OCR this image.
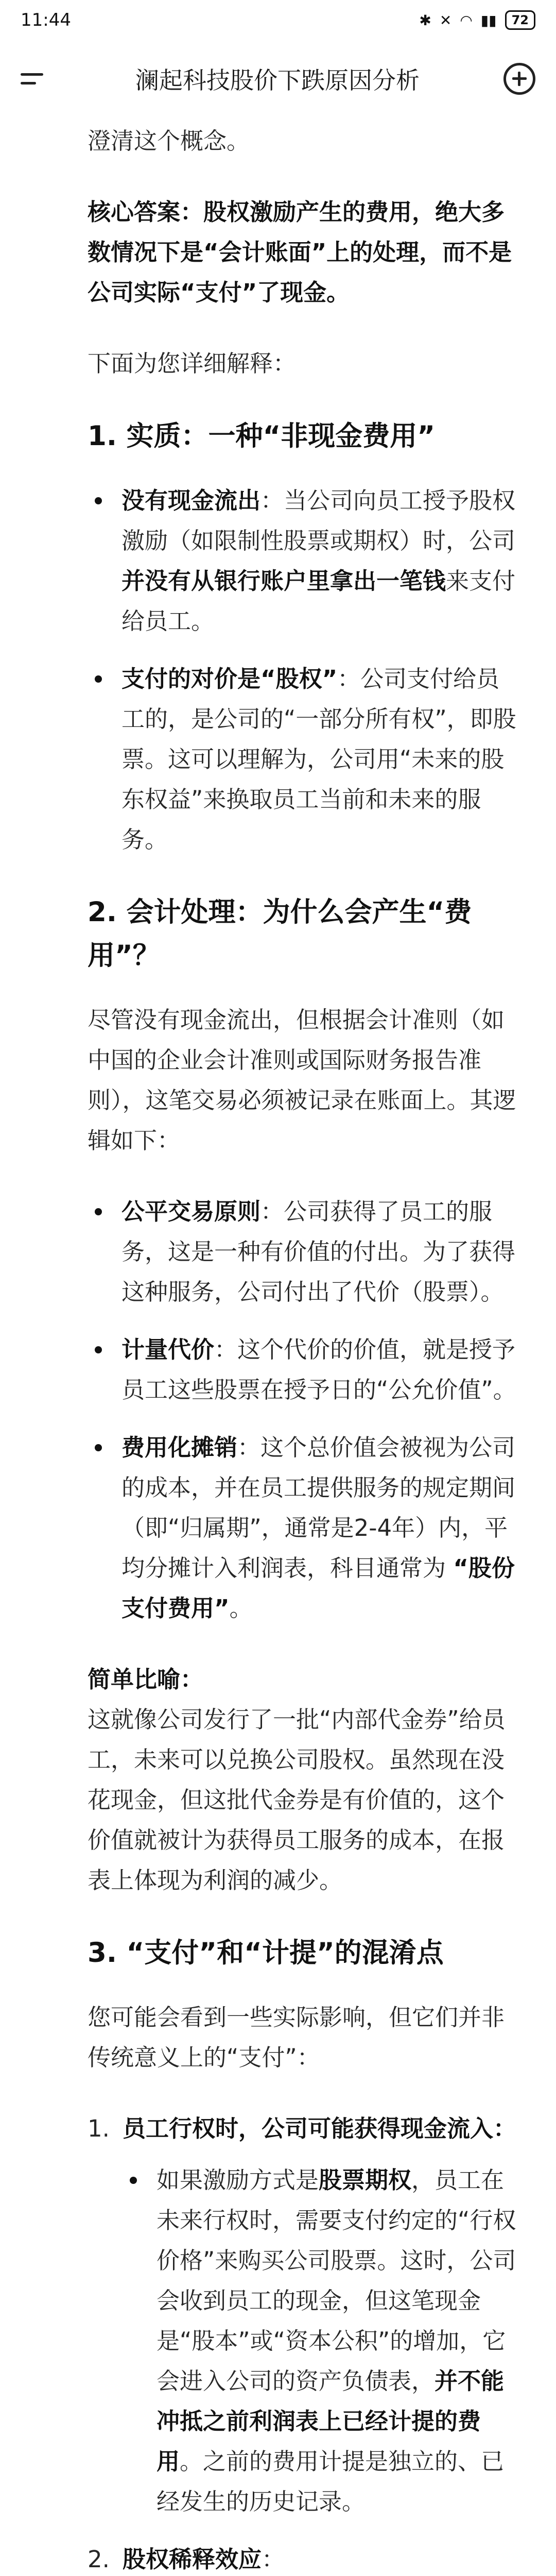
11:44	✱ ✕ ◠ ▮▮	72
澜起科技股价下跌原因分析

澄清这个概念。

核心答案：股权激励产生的费用，绝大多数情况下是“会计账面”上的处理，而不是公司实际“支付”了现金。

下面为您详细解释：

1. 实质：一种“非现金费用”
没有现金流出：当公司向员工授予股权激励（如限制性股票或期权）时，公司并没有从银行账户里拿出一笔钱来支付给员工。
支付的对价是“股权”：公司支付给员工的，是公司的“一部分所有权”，即股票。这可以理解为，公司用“未来的股东权益”来换取员工当前和未来的服务。
2. 会计处理：为什么会产生“费用”？

尽管没有现金流出，但根据会计准则（如中国的企业会计准则或国际财务报告准则），这笔交易必须被记录在账面上。其逻辑如下：

公平交易原则：公司获得了员工的服务，这是一种有价值的付出。为了获得这种服务，公司付出了代价（股票）。
计量代价：这个代价的价值，就是授予员工这些股票在授予日的“公允价值”。
费用化摊销：这个总价值会被视为公司的成本，并在员工提供服务的规定期间（即“归属期”，通常是2-4年）内，平均分摊计入利润表，科目通常为 “股份支付费用”。

简单比喻：
这就像公司发行了一批“内部代金券”给员工，未来可以兑换公司股权。虽然现在没花现金，但这批代金券是有价值的，这个价值就被计为获得员工服务的成本，在报表上体现为利润的减少。

3. “支付”和“计提”的混淆点

您可能会看到一些实际影响，但它们并非传统意义上的“支付”：

1. 员工行权时，公司可能获得现金流入：
如果激励方式是股票期权，员工在未来行权时，需要支付约定的“行权价格”来购买公司股票。这时，公司会收到员工的现金，但这笔现金是“股本”或“资本公积”的增加，它会进入公司的资产负债表，并不能冲抵之前利润表上已经计提的费用。之前的费用计提是独立的、已经发生的历史记录。
2. 股权稀释效应：
